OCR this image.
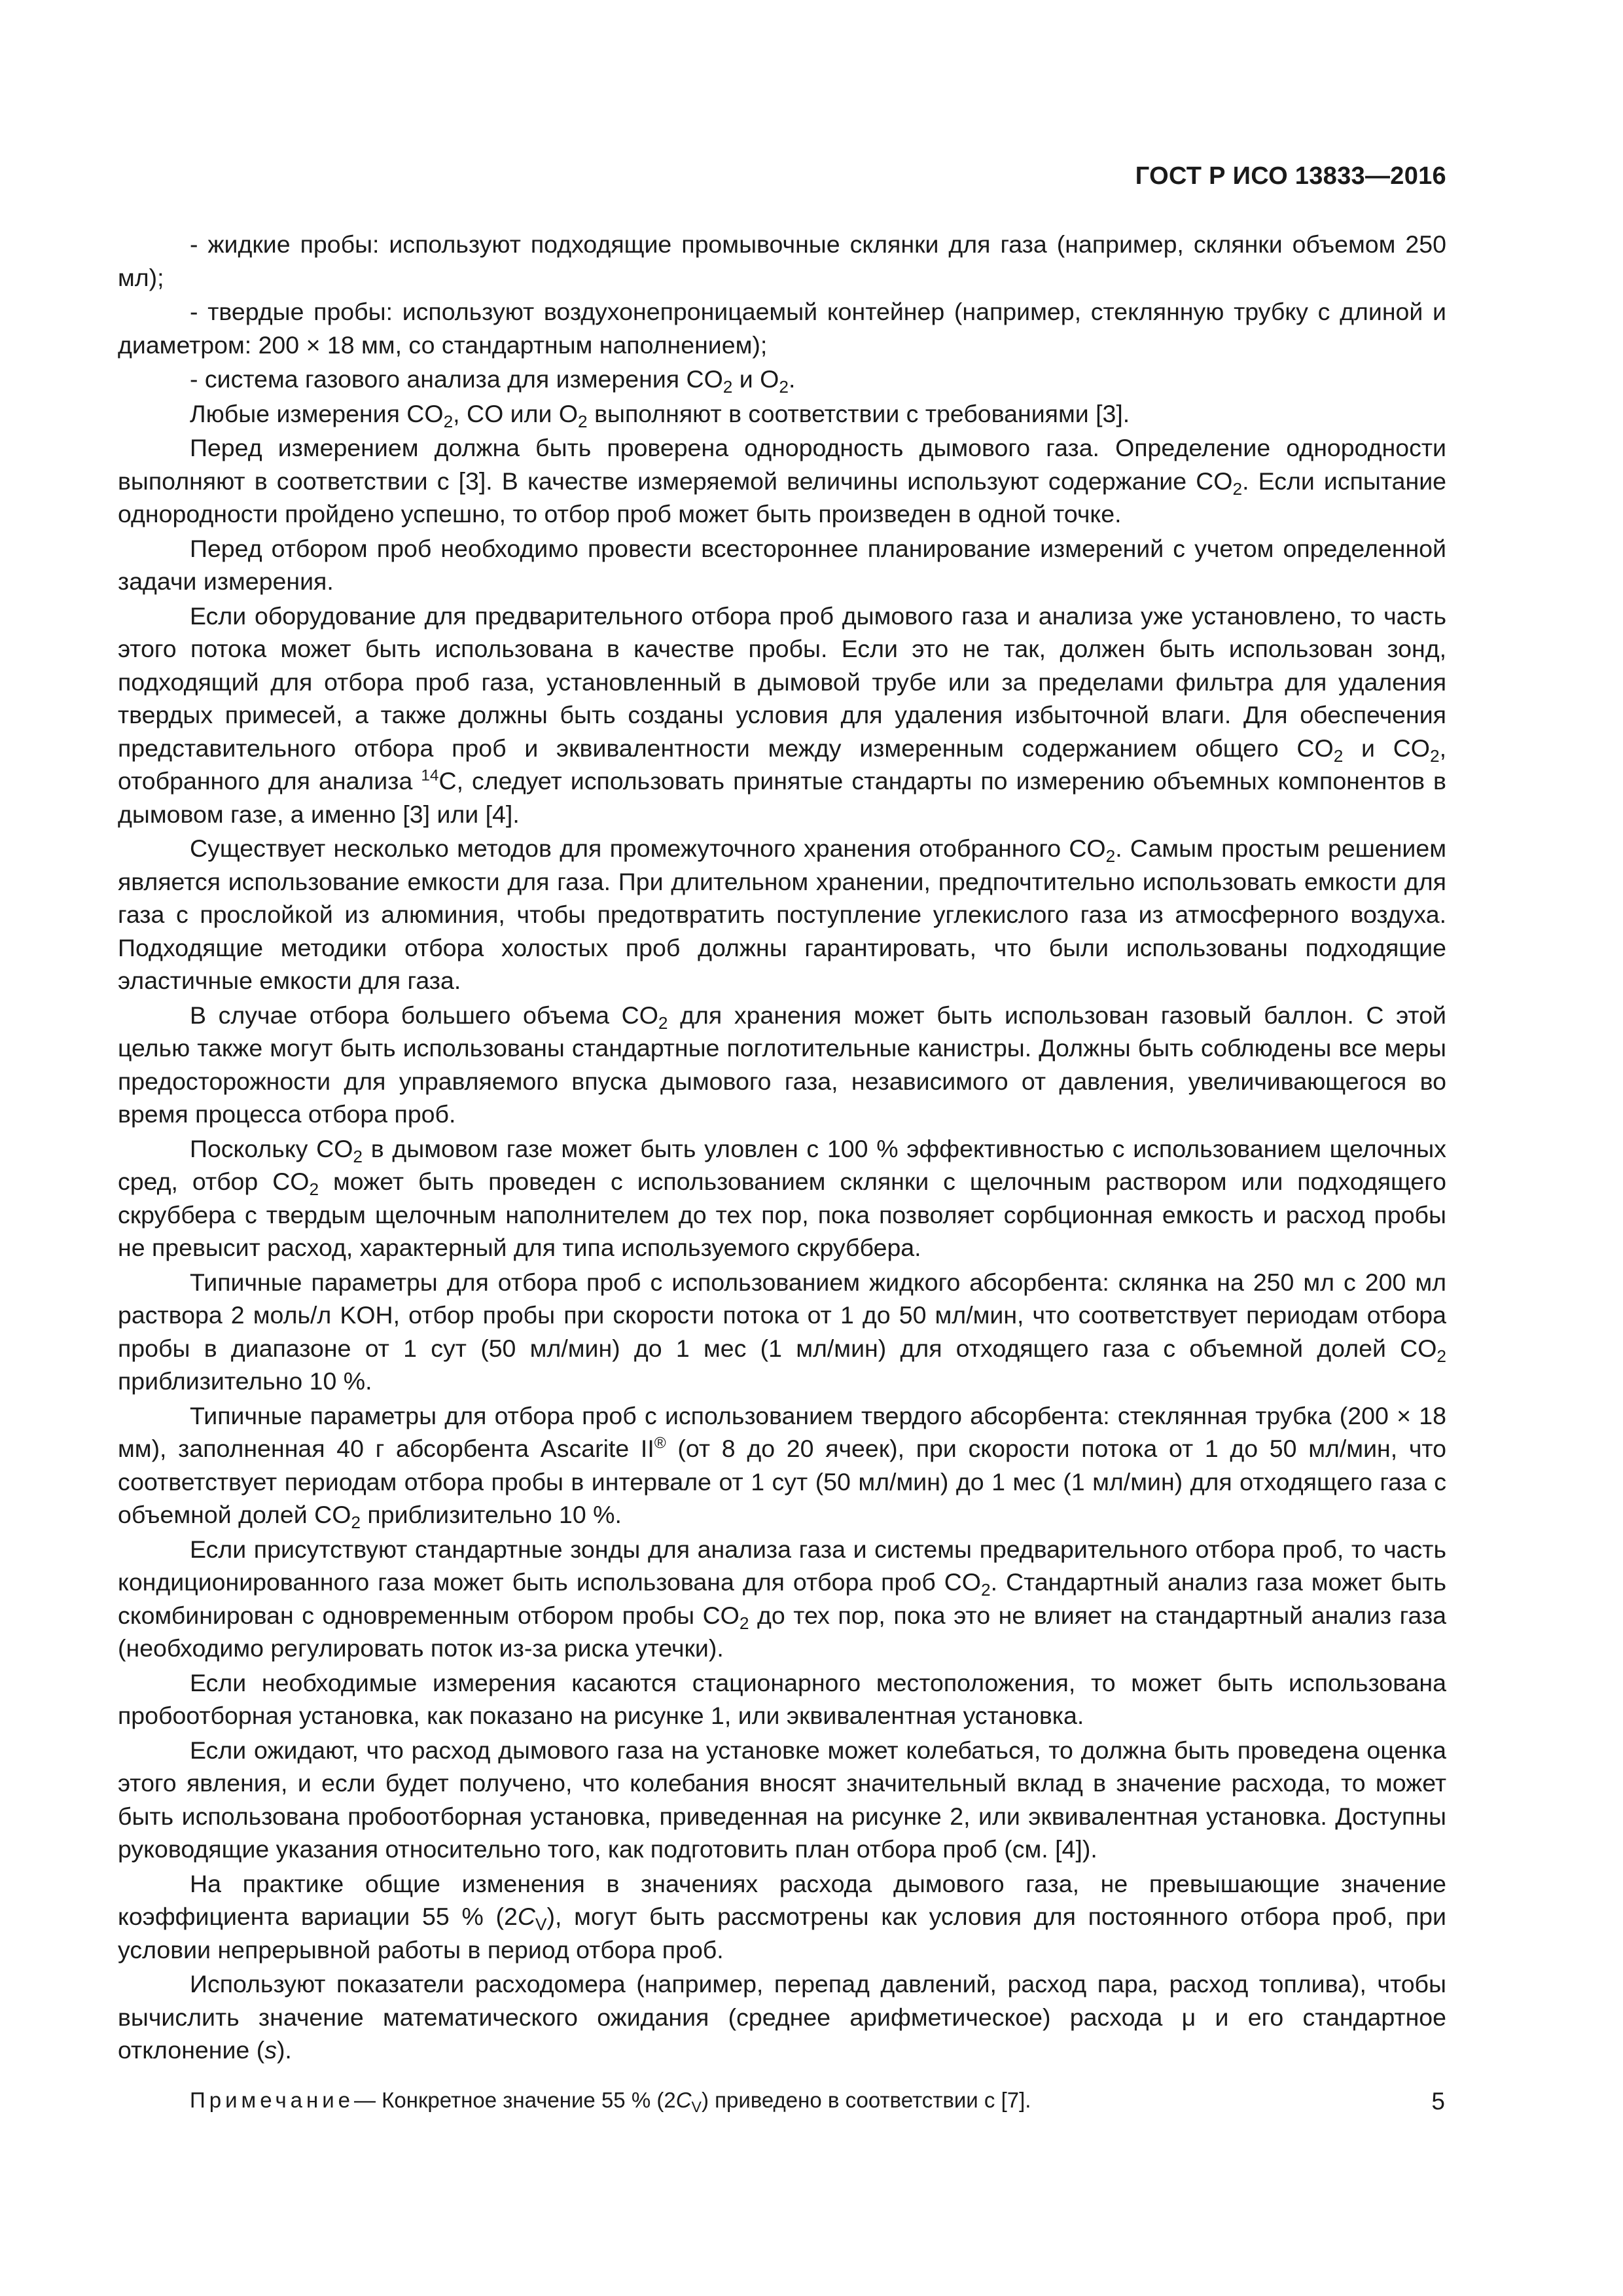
ГОСТ Р ИСО 13833—2016

- жидкие пробы: используют подходящие промывочные склянки для газа (например, склянки объемом 250 мл);

- твердые пробы: используют воздухонепроницаемый контейнер (например, стеклянную трубку с длиной и диаметром: 200 × 18 мм, со стандартным наполнением);

- система газового анализа для измерения $CO_2$ и $O_2$.

Любые измерения $CO_2$, CO или $O_2$ выполняют в соответствии с требованиями [3].

Перед измерением должна быть проверена однородность дымового газа. Определение однородности выполняют в соответствии с [3]. В качестве измеряемой величины используют содержание $CO_2$. Если испытание однородности пройдено успешно, то отбор проб может быть произведен в одной точке.

Перед отбором проб необходимо провести всестороннее планирование измерений с учетом определенной задачи измерения.

Если оборудование для предварительного отбора проб дымового газа и анализа уже установлено, то часть этого потока может быть использована в качестве пробы. Если это не так, должен быть использован зонд, подходящий для отбора проб газа, установленный в дымовой трубе или за пределами фильтра для удаления твердых примесей, а также должны быть созданы условия для удаления избыточной влаги. Для обеспечения представительного отбора проб и эквивалентности между измеренным содержанием общего $CO_2$ и $CO_2$, отобранного для анализа $^{14}$C, следует использовать принятые стандарты по измерению объемных компонентов в дымовом газе, а именно [3] или [4].

Существует несколько методов для промежуточного хранения отобранного $CO_2$. Самым простым решением является использование емкости для газа. При длительном хранении, предпочтительно использовать емкости для газа с прослойкой из алюминия, чтобы предотвратить поступление углекислого газа из атмосферного воздуха. Подходящие методики отбора холостых проб должны гарантировать, что были использованы подходящие эластичные емкости для газа.

В случае отбора большего объема $CO_2$ для хранения может быть использован газовый баллон. С этой целью также могут быть использованы стандартные поглотительные канистры. Должны быть соблюдены все меры предосторожности для управляемого впуска дымового газа, независимого от давления, увеличивающегося во время процесса отбора проб.

Поскольку $CO_2$ в дымовом газе может быть уловлен с 100 % эффективностью с использованием щелочных сред, отбор $CO_2$ может быть проведен с использованием склянки с щелочным раствором или подходящего скруббера с твердым щелочным наполнителем до тех пор, пока позволяет сорбционная емкость и расход пробы не превысит расход, характерный для типа используемого скруббера.

Типичные параметры для отбора проб с использованием жидкого абсорбента: склянка на 250 мл с 200 мл раствора 2 моль/л KOH, отбор пробы при скорости потока от 1 до 50 мл/мин, что соответствует периодам отбора пробы в диапазоне от 1 сут (50 мл/мин) до 1 мес (1 мл/мин) для отходящего газа с объемной долей $CO_2$ приблизительно 10 %.

Типичные параметры для отбора проб с использованием твердого абсорбента: стеклянная трубка (200 × 18 мм), заполненная 40 г абсорбента Ascarite II® (от 8 до 20 ячеек), при скорости потока от 1 до 50 мл/мин, что соответствует периодам отбора пробы в интервале от 1 сут (50 мл/мин) до 1 мес (1 мл/мин) для отходящего газа с объемной долей $CO_2$ приблизительно 10 %.

Если присутствуют стандартные зонды для анализа газа и системы предварительного отбора проб, то часть кондиционированного газа может быть использована для отбора проб $CO_2$. Стандартный анализ газа может быть скомбинирован с одновременным отбором пробы $CO_2$ до тех пор, пока это не влияет на стандартный анализ газа (необходимо регулировать поток из-за риска утечки).

Если необходимые измерения касаются стационарного местоположения, то может быть использована пробоотборная установка, как показано на рисунке 1, или эквивалентная установка.

Если ожидают, что расход дымового газа на установке может колебаться, то должна быть проведена оценка этого явления, и если будет получено, что колебания вносят значительный вклад в значение расхода, то может быть использована пробоотборная установка, приведенная на рисунке 2, или эквивалентная установка. Доступны руководящие указания относительно того, как подготовить план отбора проб (см. [4]).

На практике общие изменения в значениях расхода дымового газа, не превышающие значение коэффициента вариации 55 % $(2C_V)$, могут быть рассмотрены как условия для постоянного отбора проб, при условии непрерывной работы в период отбора проб.

Используют показатели расходомера (например, перепад давлений, расход пара, расход топлива), чтобы вычислить значение математического ожидания (среднее арифметическое) расхода μ и его стандартное отклонение (s).

Примечание— Конкретное значение 55 % $(2C_V)$ приведено в соответствии с [7].	5
